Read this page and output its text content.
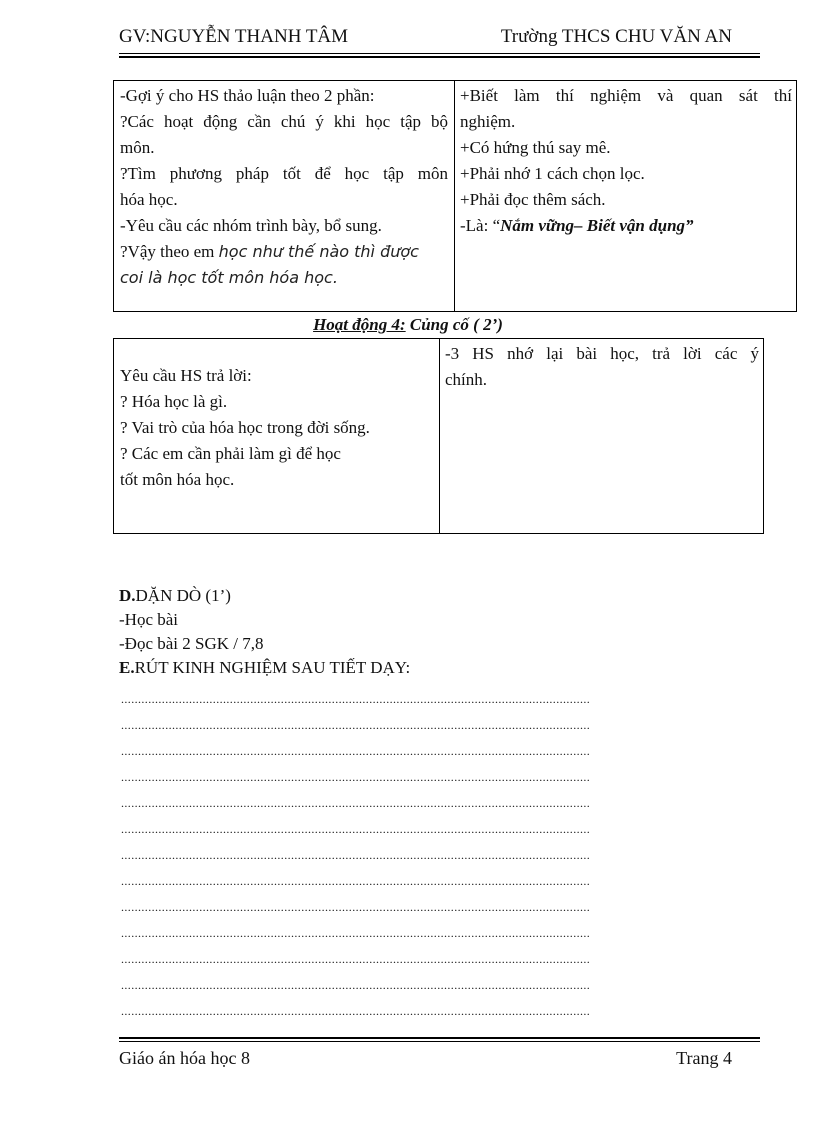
GV:NGUYỄN THANH TÂM	Trường THCS CHU VĂN AN
-Gợi ý cho HS thảo luận theo 2 phần:
?Các hoạt động cần chú ý khi học tập bộ
môn.
?Tìm phương pháp tốt để học tập môn
hóa học.
-Yêu cầu các nhóm trình bày, bổ sung.
?Vậy theo em học như thế nào thì được
coi là học tốt môn hóa học.
+Biết làm thí nghiệm và quan sát thí
nghiệm.
+Có hứng thú say mê.
+Phải nhớ 1 cách chọn lọc.
+Phải đọc thêm sách.
-Là: “Nắm vững– Biết vận dụng”
Hoạt động 4: Củng cố ( 2’)
Yêu cầu HS trả lời:
? Hóa học là gì.
? Vai trò của hóa học trong đời sống.
? Các em cần phải làm gì để học
tốt môn hóa học.
-3 HS nhớ lại bài học, trả lời các ý
chính.
D.DẶN DÒ (1’)
-Học bài
-Đọc bài 2 SGK / 7,8
E.RÚT KINH NGHIỆM SAU TIẾT DẠY:
..........................................................................................................................................
..........................................................................................................................................
..........................................................................................................................................
..........................................................................................................................................
..........................................................................................................................................
..........................................................................................................................................
..........................................................................................................................................
..........................................................................................................................................
..........................................................................................................................................
..........................................................................................................................................
..........................................................................................................................................
..........................................................................................................................................
..........................................................................................................................................
Giáo án hóa học 8	Trang 4
